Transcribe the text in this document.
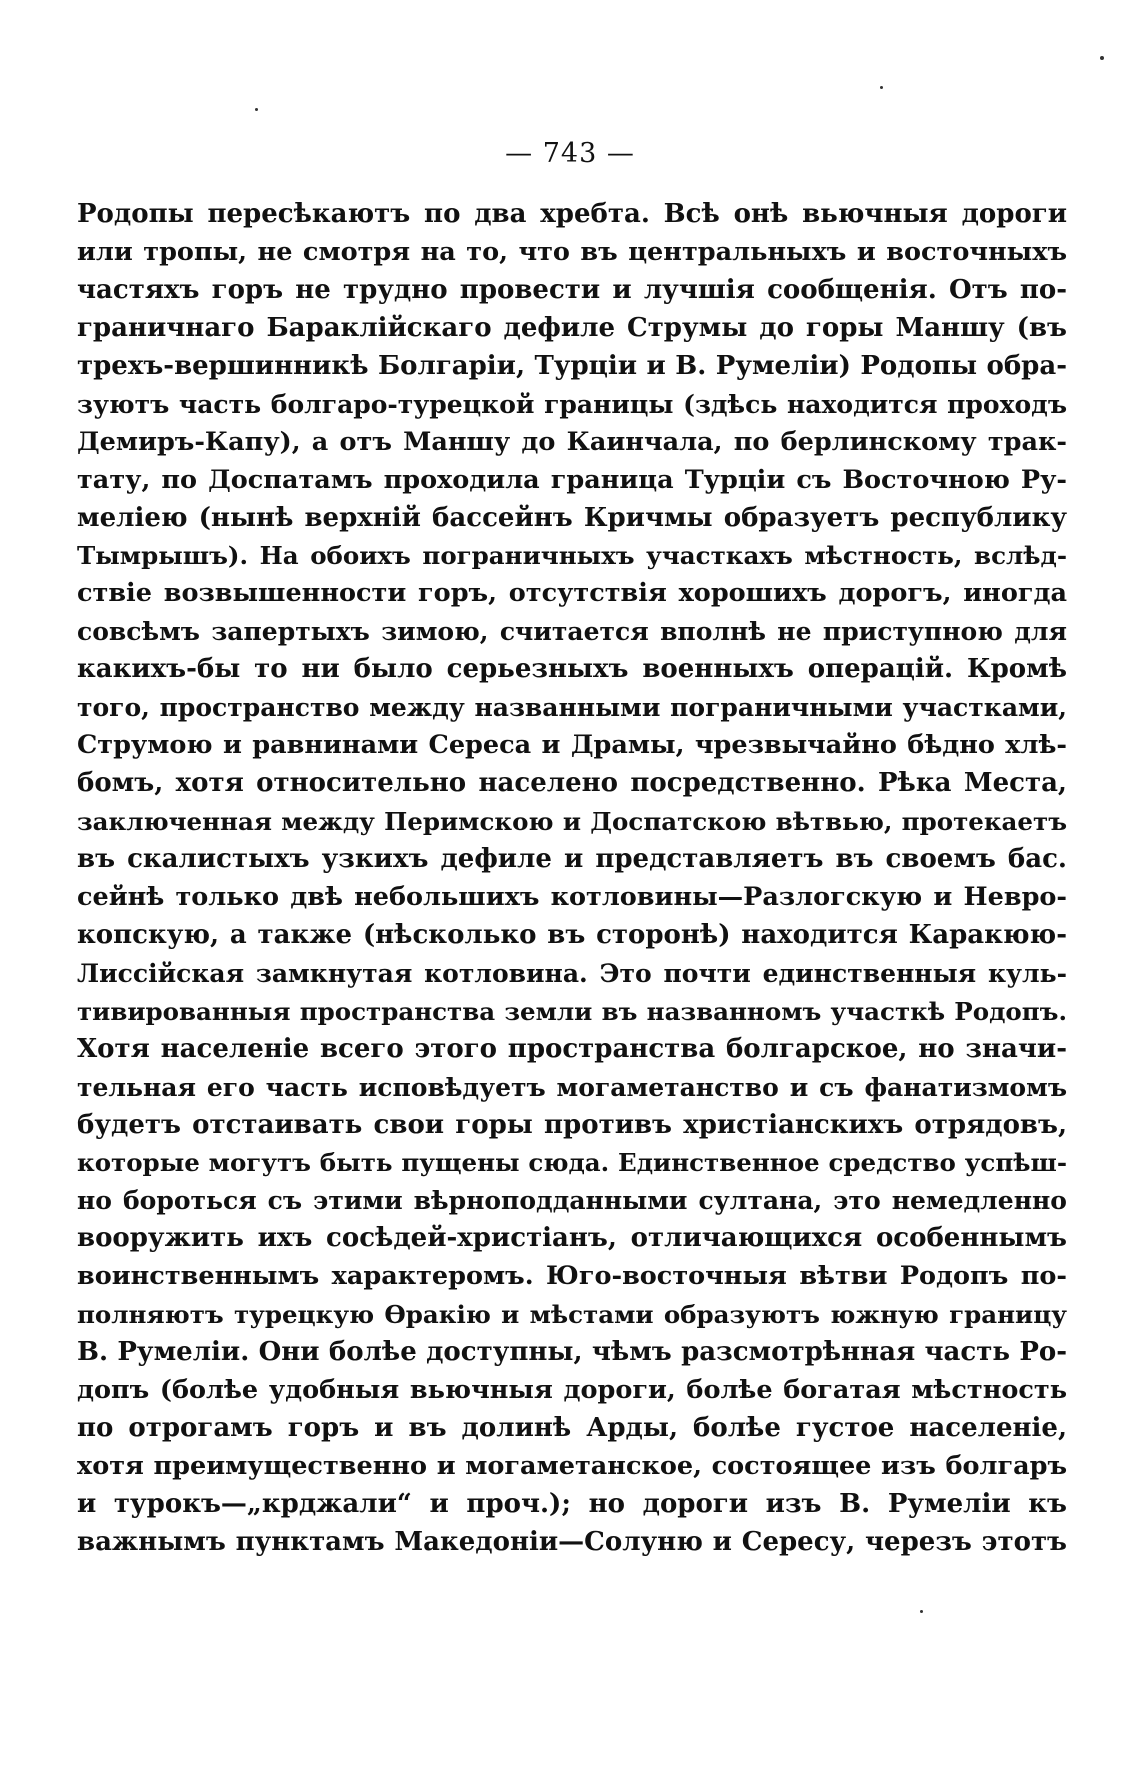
— 743 —
Родопы пересѣкаютъ по два хребта. Всѣ онѣ вьючныя дороги
или тропы, не смотря на то, что въ центральныхъ и восточныхъ
частяхъ горъ не трудно провести и лучшія сообщенія. Отъ по-
граничнаго Бараклійскаго дефиле Струмы до горы Маншу (въ
трехъ-вершинникѣ Болгаріи, Турціи и В. Румеліи) Родопы обра-
зуютъ часть болгаро-турецкой границы (здѣсь находится проходъ
Демиръ-Капу), а отъ Маншу до Каинчала, по берлинскому трак-
тату, по Доспатамъ проходила граница Турціи съ Восточною Ру-
меліею (нынѣ верхній бассейнъ Кричмы образуетъ республику
Тымрышъ). На обоихъ пограничныхъ участкахъ мѣстность, вслѣд-
ствіе возвышенности горъ, отсутствія хорошихъ дорогъ, иногда
совсѣмъ запертыхъ зимою, считается вполнѣ не приступною для
какихъ-бы то ни было серьезныхъ военныхъ операцій. Кромѣ
того, пространство между названными пограничными участками,
Струмою и равнинами Сереса и Драмы, чрезвычайно бѣдно хлѣ-
бомъ, хотя относительно населено посредственно. Рѣка Места,
заключенная между Перимскою и Доспатскою вѣтвью, протекаетъ
въ скалистыхъ узкихъ дефиле и представляетъ въ своемъ бас.
сейнѣ только двѣ небольшихъ котловины—Разлогскую и Невро-
копскую, а также (нѣсколько въ сторонѣ) находится Каракюю-
Лиссійская замкнутая котловина. Это почти единственныя куль-
тивированныя пространства земли въ названномъ участкѣ Родопъ.
Хотя населеніе всего этого пространства болгарское, но значи-
тельная его часть исповѣдуетъ могаметанство и съ фанатизмомъ
будетъ отстаивать свои горы противъ христіанскихъ отрядовъ,
которые могутъ быть пущены сюда. Единственное средство успѣш-
но бороться съ этими вѣрноподданными султана, это немедленно
вооружить ихъ сосѣдей-христіанъ, отличающихся особеннымъ
воинственнымъ характеромъ. Юго-восточныя вѣтви Родопъ по-
полняютъ турецкую Ѳракію и мѣстами образуютъ южную границу
В. Румеліи. Они болѣе доступны, чѣмъ разсмотрѣнная часть Ро-
допъ (болѣе удобныя вьючныя дороги, болѣе богатая мѣстность
по отрогамъ горъ и въ долинѣ Арды, болѣе густое населеніе,
хотя преимущественно и могаметанское, состоящее изъ болгаръ
и турокъ—„крджали“ и проч.); но дороги изъ В. Румеліи къ
важнымъ пунктамъ Македоніи—Солуню и Сересу, черезъ этотъ
